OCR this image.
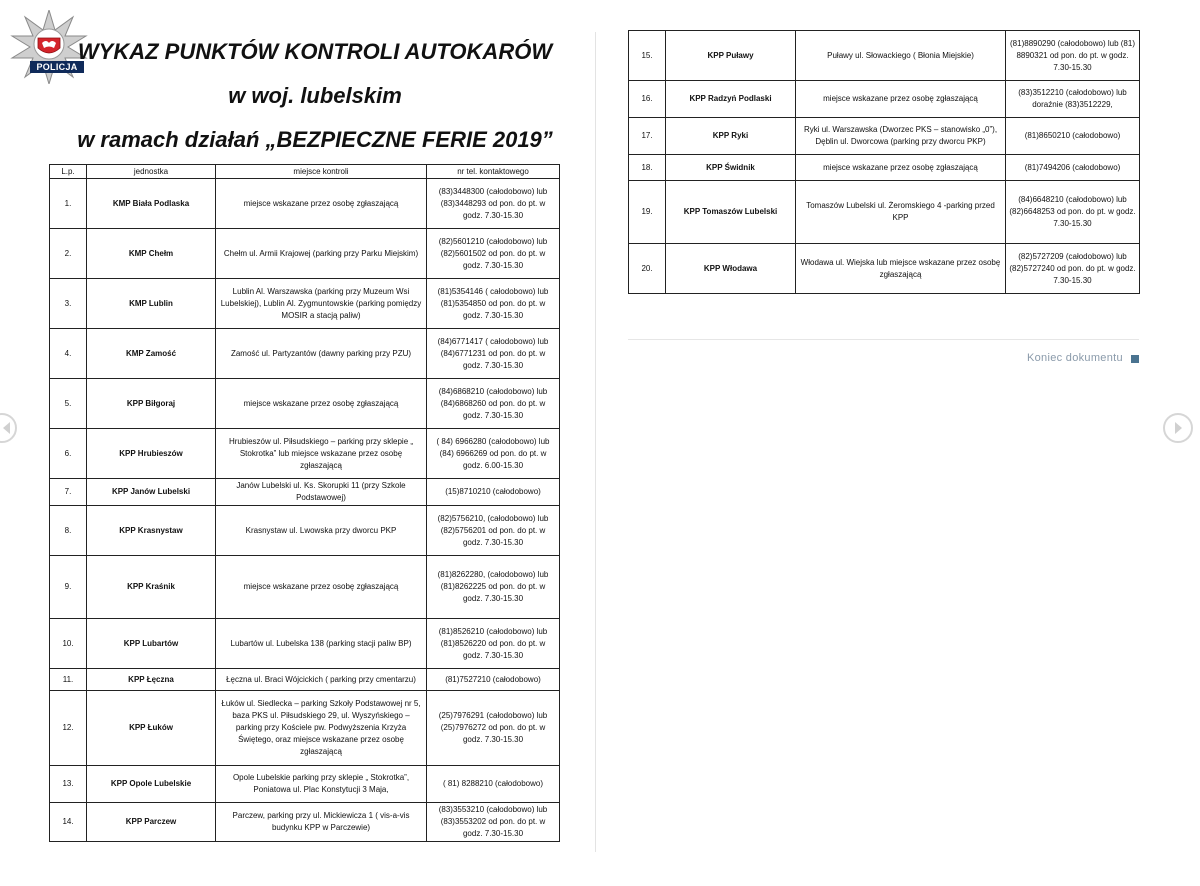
POLICJA
WYKAZ PUNKTÓW KONTROLI AUTOKARÓW
w woj. lubelskim
w ramach działań „BEZPIECZNE FERIE 2019”
L.p.	jednostka	miejsce kontroli	nr tel. kontaktowego
1.	KMP Biała Podlaska	miejsce wskazane przez osobę zgłaszającą	(83)3448300 (całodobowo) lub (83)3448293 od pon. do pt. w godz. 7.30-15.30
2.	KMP Chełm	Chełm ul. Armii Krajowej (parking przy Parku Miejskim)	(82)5601210 (całodobowo) lub (82)5601502 od pon. do pt. w godz. 7.30-15.30
3.	KMP Lublin	Lublin Al. Warszawska (parking przy Muzeum Wsi Lubelskiej), Lublin Al. Zygmuntowskie (parking pomiędzy MOSIR a stacją paliw)	(81)5354146 ( całodobowo) lub (81)5354850 od pon. do pt. w godz. 7.30-15.30
4.	KMP Zamość	Zamość ul. Partyzantów (dawny parking przy PZU)	(84)6771417 ( całodobowo) lub (84)6771231 od pon. do pt. w godz. 7.30-15.30
5.	KPP Biłgoraj	miejsce wskazane przez osobę zgłaszającą	(84)6868210 (całodobowo) lub (84)6868260 od pon. do pt. w godz. 7.30-15.30
6.	KPP Hrubieszów	Hrubieszów ul. Piłsudskiego – parking przy sklepie „ Stokrotka” lub miejsce wskazane przez osobę zgłaszającą	( 84) 6966280 (całodobowo) lub (84) 6966269 od pon. do pt. w godz. 6.00-15.30
7.	KPP Janów Lubelski	Janów Lubelski ul. Ks. Skorupki 11 (przy Szkole Podstawowej)	(15)8710210 (całodobowo)
8.	KPP Krasnystaw	Krasnystaw ul. Lwowska przy dworcu PKP	(82)5756210, (całodobowo) lub (82)5756201 od pon. do pt. w godz. 7.30-15.30
9.	KPP Kraśnik	miejsce wskazane przez osobę zgłaszającą	(81)8262280, (całodobowo) lub (81)8262225 od pon. do pt. w godz. 7.30-15.30
10.	KPP Lubartów	Lubartów ul. Lubelska 138 (parking stacji paliw BP)	(81)8526210 (całodobowo) lub (81)8526220 od pon. do pt. w godz. 7.30-15.30
11.	KPP Łęczna	Łęczna ul. Braci Wójcickich ( parking przy cmentarzu)	(81)7527210 (całodobowo)
12.	KPP Łuków	Łuków ul. Siedlecka – parking Szkoły Podstawowej nr 5, baza PKS ul. Piłsudskiego 29, ul. Wyszyńskiego – parking przy Kościele pw. Podwyższenia Krzyża Świętego, oraz miejsce wskazane przez osobę zgłaszającą	(25)7976291 (całodobowo) lub (25)7976272 od pon. do pt. w godz. 7.30-15.30
13.	KPP Opole Lubelskie	Opole Lubelskie parking przy sklepie „ Stokrotka”, Poniatowa ul. Plac Konstytucji 3 Maja,	( 81) 8288210 (całodobowo)
14.	KPP Parczew	Parczew, parking przy ul. Mickiewicza 1 ( vis-a-vis budynku KPP w Parczewie)	(83)3553210 (całodobowo) lub (83)3553202 od pon. do pt. w godz. 7.30-15.30
15.	KPP Puławy	Puławy ul. Słowackiego ( Błonia Miejskie)	(81)8890290 (całodobowo) lub (81) 8890321 od pon. do pt. w godz. 7.30-15.30
16.	KPP Radzyń Podlaski	miejsce wskazane przez osobę zgłaszającą	(83)3512210 (całodobowo) lub doraźnie (83)3512229,
17.	KPP Ryki	Ryki ul. Warszawska (Dworzec PKS – stanowisko „0”), Dęblin ul. Dworcowa (parking przy dworcu PKP)	(81)8650210 (całodobowo)
18.	KPP Świdnik	miejsce wskazane przez osobę zgłaszającą	(81)7494206 (całodobowo)
19.	KPP Tomaszów Lubelski	Tomaszów Lubelski ul. Żeromskiego 4 -parking przed KPP	(84)6648210 (całodobowo) lub (82)6648253 od pon. do pt. w godz. 7.30-15.30
20.	KPP Włodawa	Włodawa ul. Wiejska lub miejsce wskazane przez osobę zgłaszającą	(82)5727209 (całodobowo) lub (82)5727240 od pon. do pt. w godz. 7.30-15.30
Koniec dokumentu
